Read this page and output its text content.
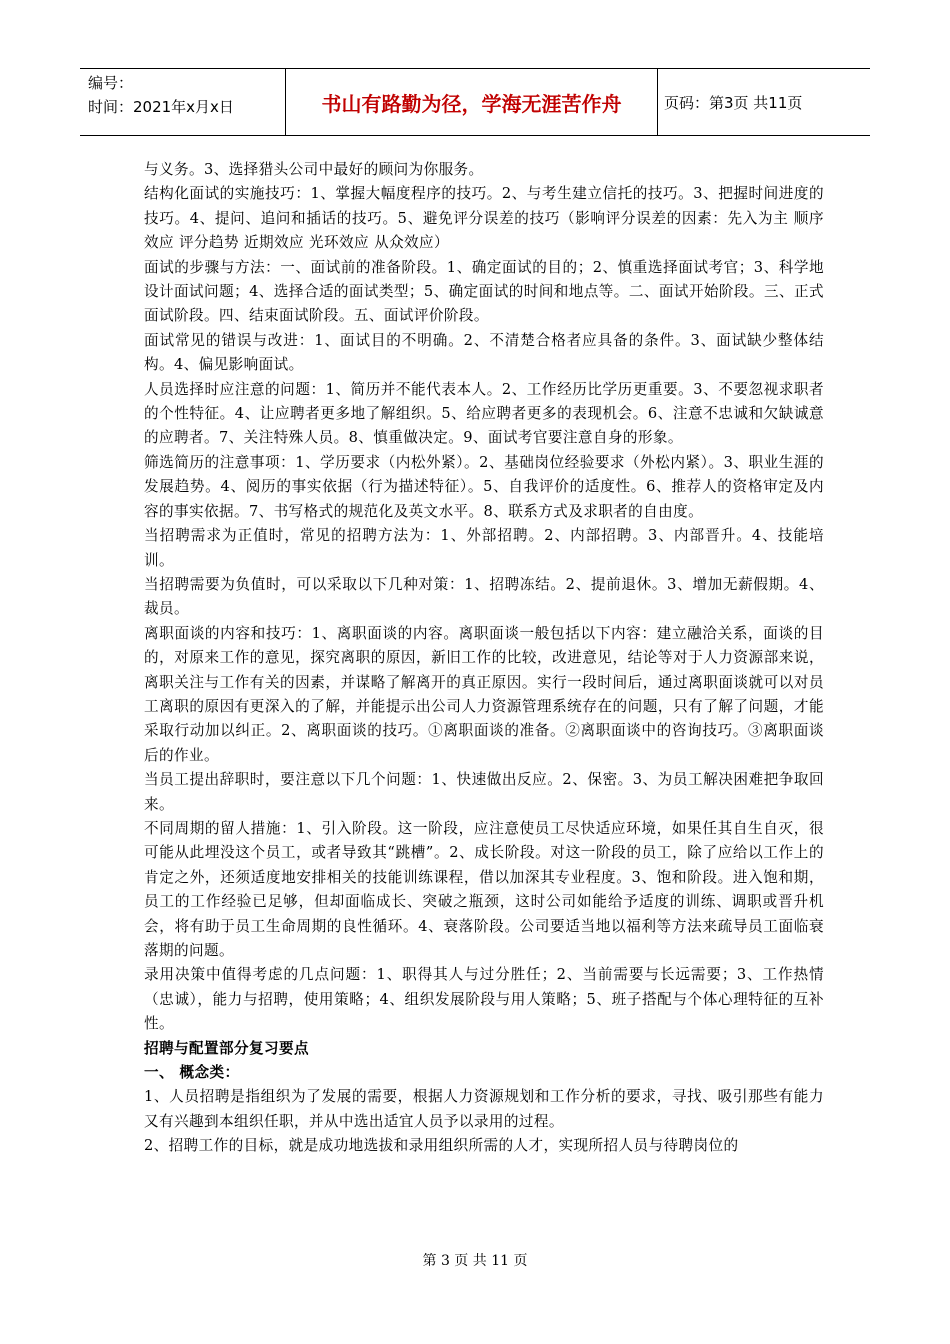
编号：
时间：2021年x月x日	书山有路勤为径，学海无涯苦作舟	页码：第3页 共11页

与义务。3、选择猎头公司中最好的顾问为你服务。

结构化面试的实施技巧：1、掌握大幅度程序的技巧。2、与考生建立信托的技巧。3、把握时间进度的技巧。4、提问、追问和插话的技巧。5、避免评分误差的技巧（影响评分误差的因素：先入为主 顺序效应 评分趋势 近期效应 光环效应 从众效应）

面试的步骤与方法：一、面试前的准备阶段。1、确定面试的目的；2、慎重选择面试考官；3、科学地设计面试问题；4、选择合适的面试类型；5、确定面试的时间和地点等。二、面试开始阶段。三、正式面试阶段。四、结束面试阶段。五、面试评价阶段。

面试常见的错误与改进：1、面试目的不明确。2、不清楚合格者应具备的条件。3、面试缺少整体结构。4、偏见影响面试。

人员选择时应注意的问题：1、简历并不能代表本人。2、工作经历比学历更重要。3、不要忽视求职者的个性特征。4、让应聘者更多地了解组织。5、给应聘者更多的表现机会。6、注意不忠诚和欠缺诚意的应聘者。7、关注特殊人员。8、慎重做决定。9、面试考官要注意自身的形象。

筛选简历的注意事项：1、学历要求（内松外紧）。2、基础岗位经验要求（外松内紧）。3、职业生涯的发展趋势。4、阅历的事实依据（行为描述特征）。5、自我评价的适度性。6、推荐人的资格审定及内容的事实依据。7、书写格式的规范化及英文水平。8、联系方式及求职者的自由度。

当招聘需求为正值时，常见的招聘方法为：1、外部招聘。2、内部招聘。3、内部晋升。4、技能培训。

当招聘需要为负值时，可以采取以下几种对策：1、招聘冻结。2、提前退休。3、增加无薪假期。4、裁员。

离职面谈的内容和技巧：1、离职面谈的内容。离职面谈一般包括以下内容：建立融洽关系，面谈的目的，对原来工作的意见，探究离职的原因，新旧工作的比较，改进意见，结论等对于人力资源部来说，离职关注与工作有关的因素，并谋略了解离开的真正原因。实行一段时间后，通过离职面谈就可以对员工离职的原因有更深入的了解，并能提示出公司人力资源管理系统存在的问题，只有了解了问题，才能采取行动加以纠正。2、离职面谈的技巧。①离职面谈的准备。②离职面谈中的咨询技巧。③离职面谈后的作业。

当员工提出辞职时，要注意以下几个问题：1、快速做出反应。2、保密。3、为员工解决困难把争取回来。

不同周期的留人措施：1、引入阶段。这一阶段，应注意使员工尽快适应环境，如果任其自生自灭，很可能从此埋没这个员工，或者导致其“跳槽”。2、成长阶段。对这一阶段的员工，除了应给以工作上的肯定之外，还须适度地安排相关的技能训练课程，借以加深其专业程度。3、饱和阶段。进入饱和期，员工的工作经验已足够，但却面临成长、突破之瓶颈，这时公司如能给予适度的训练、调职或晋升机会，将有助于员工生命周期的良性循环。4、衰落阶段。公司要适当地以福利等方法来疏导员工面临衰落期的问题。

录用决策中值得考虑的几点问题：1、职得其人与过分胜任；2、当前需要与长远需要；3、工作热情（忠诚），能力与招聘，使用策略；4、组织发展阶段与用人策略；5、班子搭配与个体心理特征的互补性。

招聘与配置部分复习要点

一、 概念类：

1、人员招聘是指组织为了发展的需要，根据人力资源规划和工作分析的要求，寻找、吸引那些有能力又有兴趣到本组织任职，并从中选出适宜人员予以录用的过程。

2、招聘工作的目标，就是成功地选拔和录用组织所需的人才，实现所招人员与待聘岗位的

第 3 页 共 11 页
